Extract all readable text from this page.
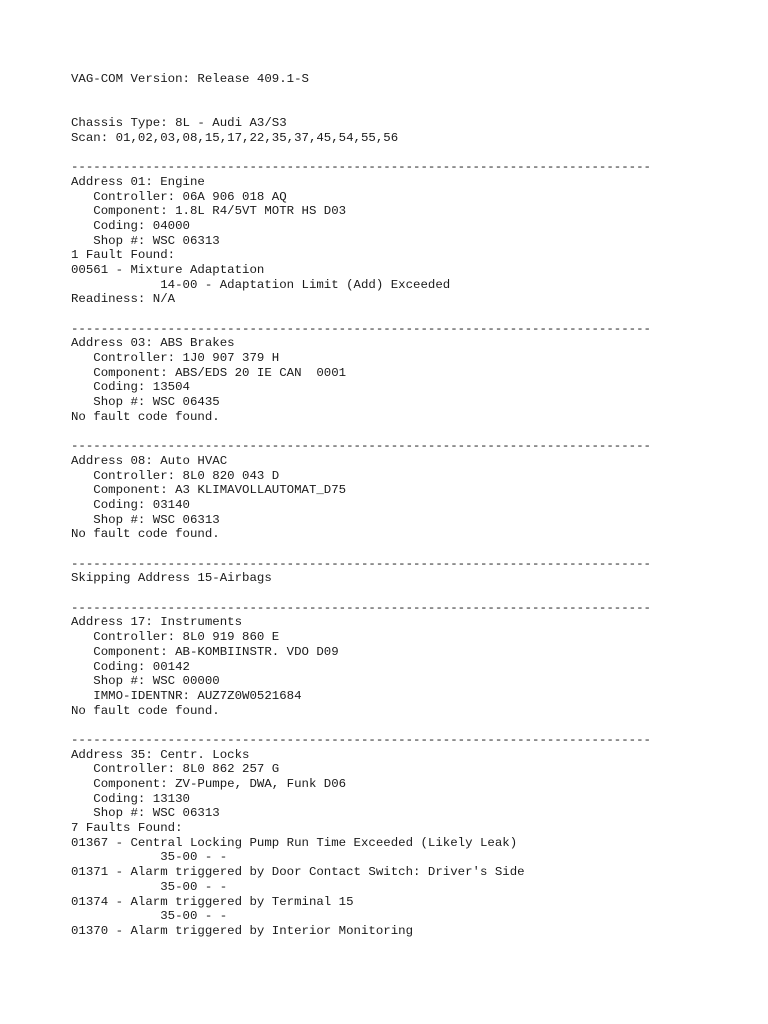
VAG-COM Version: Release 409.1-S
Chassis Type: 8L - Audi A3/S3
Scan: 01,02,03,08,15,17,22,35,37,45,54,55,56
------------------------------------------------------------------------------
Address 01: Engine
Controller: 06A 906 018 AQ
Component: 1.8L R4/5VT MOTR HS D03
Coding: 04000
Shop #: WSC 06313
1 Fault Found:
00561 - Mixture Adaptation
14-00 - Adaptation Limit (Add) Exceeded
Readiness: N/A
------------------------------------------------------------------------------
Address 03: ABS Brakes
Controller: 1J0 907 379 H
Component: ABS/EDS 20 IE CAN  0001
Coding: 13504
Shop #: WSC 06435
No fault code found.
------------------------------------------------------------------------------
Address 08: Auto HVAC
Controller: 8L0 820 043 D
Component: A3 KLIMAVOLLAUTOMAT_D75
Coding: 03140
Shop #: WSC 06313
No fault code found.
------------------------------------------------------------------------------
Skipping Address 15-Airbags
------------------------------------------------------------------------------
Address 17: Instruments
Controller: 8L0 919 860 E
Component: AB-KOMBIINSTR. VDO D09
Coding: 00142
Shop #: WSC 00000
IMMO-IDENTNR: AUZ7Z0W0521684
No fault code found.
------------------------------------------------------------------------------
Address 35: Centr. Locks
Controller: 8L0 862 257 G
Component: ZV-Pumpe, DWA, Funk D06
Coding: 13130
Shop #: WSC 06313
7 Faults Found:
01367 - Central Locking Pump Run Time Exceeded (Likely Leak)
35-00 - -
01371 - Alarm triggered by Door Contact Switch: Driver's Side
35-00 - -
01374 - Alarm triggered by Terminal 15
35-00 - -
01370 - Alarm triggered by Interior Monitoring
